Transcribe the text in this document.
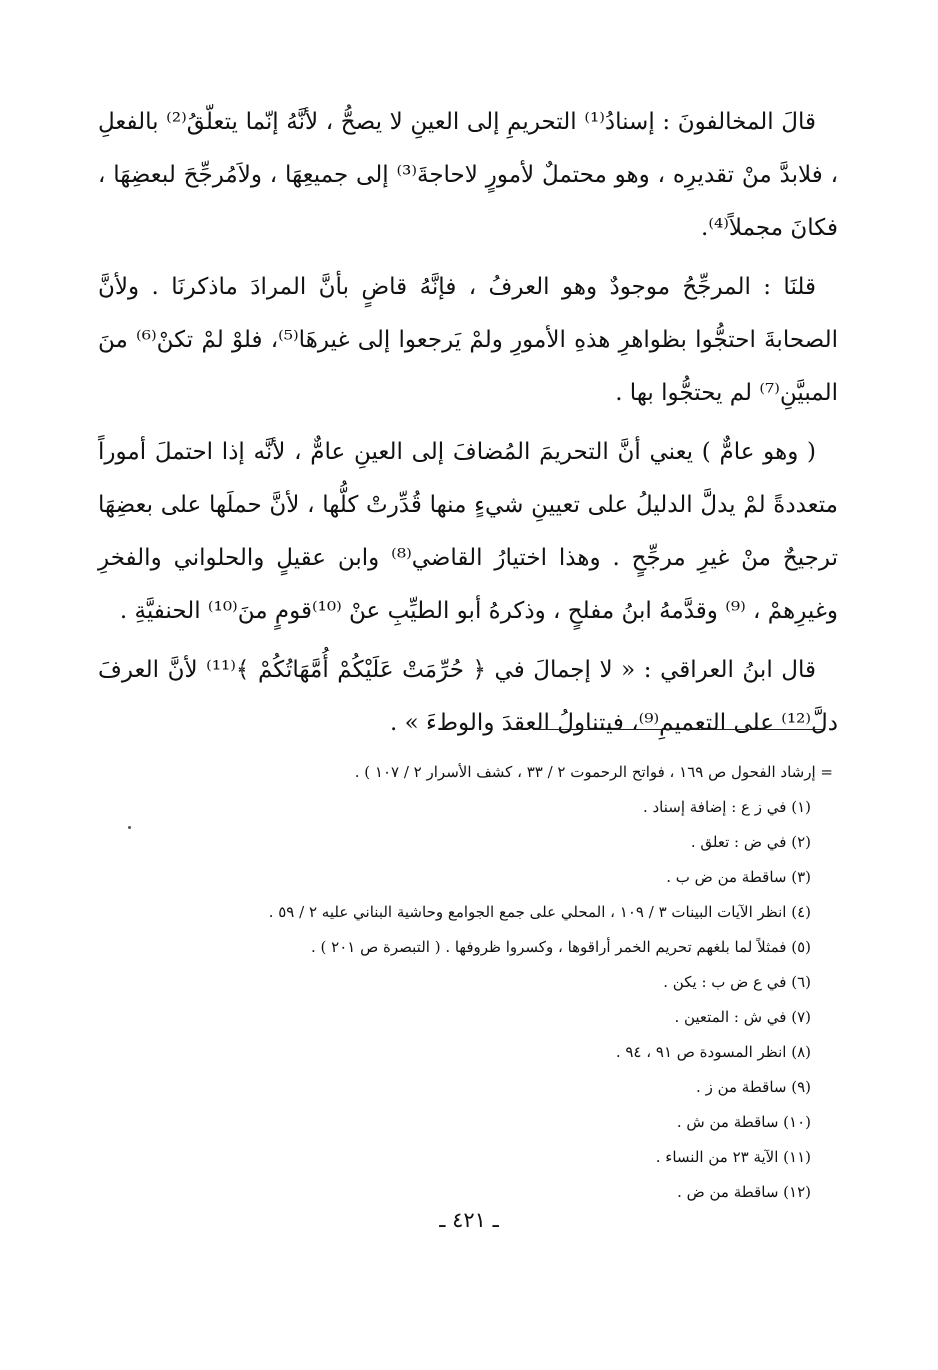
قالَ المخالفونَ : إسنادُ⁽¹⁾ التحريمِ إلى العينِ لا يصحُّ ، لأنَّهُ إنّما يتعلّقُ⁽²⁾ بالفعلِ ، فلابدَّ منْ تقديرِه ، وهو محتملٌ لأمورٍ لاحاجةَ⁽³⁾ إلى جميعِهَا ، ولاَمُرجِّحَ لبعضِهَا ، فكانَ مجملاً⁽⁴⁾.

قلنَا : المرجِّحُ موجودٌ وهو العرفُ ، فإنَّهُ قاضٍ بأنَّ المرادَ ماذكرنَا . ولأنَّ الصحابةَ احتجُّوا بظواهرِ هذهِ الأمورِ ولمْ يَرجعوا إلى غيرهَا⁽⁵⁾، فلوْ لمْ تكنْ⁽⁶⁾ منَ المبيَّنِ⁽⁷⁾ لم يحتجُّوا بها .

( وهو عامٌّ ) يعني أنَّ التحريمَ المُضافَ إلى العينِ عامٌّ ، لأنَّه إذا احتملَ أموراً متعددةً لمْ يدلَّ الدليلُ على تعيينِ شيءٍ منها قُدِّرتْ كلُّها ، لأنَّ حملَها على بعضِهَا ترجيحٌ منْ غيرِ مرجِّحٍ . وهذا اختيارُ القاضي⁽⁸⁾ وابن عقيلٍ والحلواني والفخرِ وغيرِهمْ ، ⁽⁹⁾ وقدَّمهُ ابنُ مفلحٍ ، وذكرهُ أبو الطيِّبِ عنْ ⁽¹⁰⁾قومٍ منَ⁽¹⁰⁾ الحنفيَّةِ .

قال ابنُ العراقي : « لا إجمالَ في ﴿ حُرِّمَتْ عَلَيْكُمْ أُمَّهَاتُكُمْ ﴾⁽¹¹⁾ لأنَّ العرفَ دلَّ⁽¹²⁾ على التعميمِ⁽⁹⁾، فيتناولُ العقدَ والوطءَ » .

= إرشاد الفحول ص ١٦٩ ، فواتح الرحموت ٢ / ٣٣ ، كشف الأسرار ٢ / ١٠٧ ) .
(١) في ز ع : إضافة إسناد .
(٢) في ض : تعلق .
(٣) ساقطة من ض ب .
(٤) انظر الآيات البينات ٣ / ١٠٩ ، المحلي على جمع الجوامع وحاشية البناني عليه ٢ / ٥٩ .
(٥) فمثلاً لما بلغهم تحريم الخمر أراقوها ، وكسروا ظروفها . ( التبصرة ص ٢٠١ ) .
(٦) في ع ض ب : يكن .
(٧) في ش : المتعين .
(٨) انظر المسودة ص ٩١ ، ٩٤ .
(٩) ساقطة من ز .
(١٠) ساقطة من ش .
(١١) الآية ٢٣ من النساء .
(١٢) ساقطة من ض .
ـ ٤٢١ ـ
